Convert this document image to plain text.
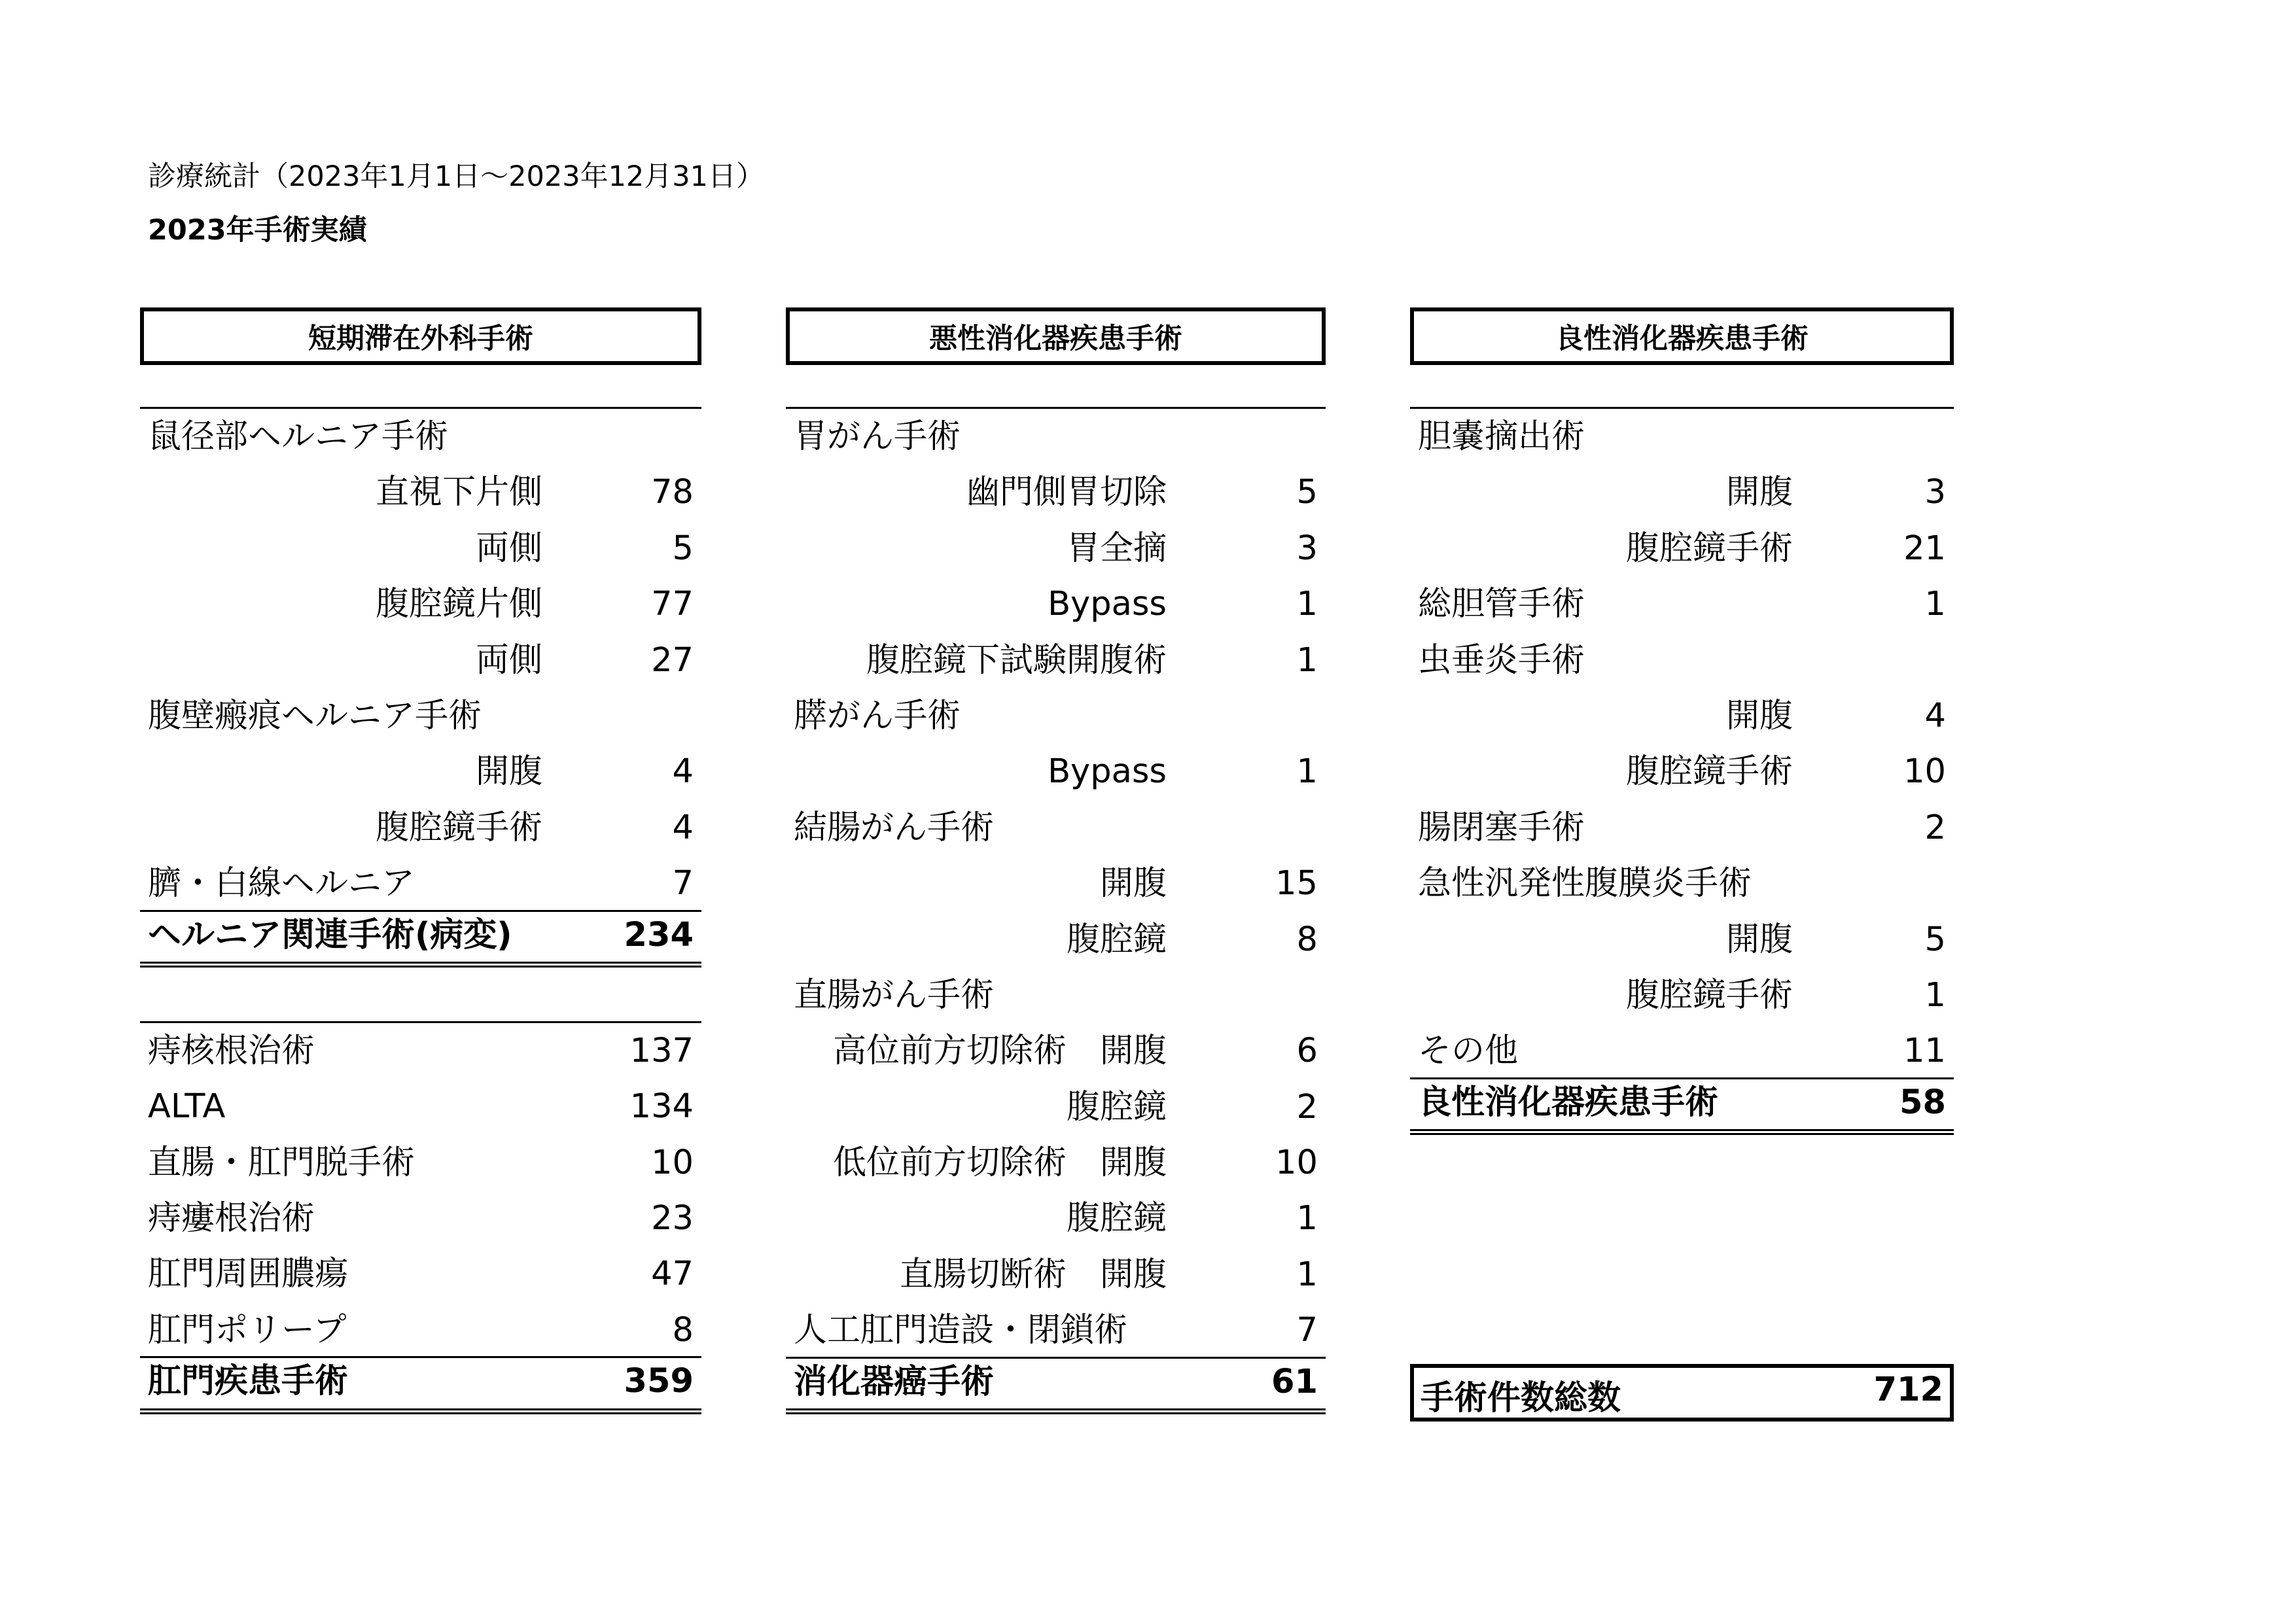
診療統計（2023年1月1日～2023年12月31日）
2023年手術実績
短期滞在外科手術
鼠径部ヘルニア手術
直視下片側	78
両側	5
腹腔鏡片側	77
両側	27
腹壁瘢痕ヘルニア手術
開腹	4
腹腔鏡手術	4
臍・白線ヘルニア	7
ヘルニア関連手術(病変)	234
痔核根治術	137
ALTA	134
直腸・肛門脱手術	10
痔瘻根治術	23
肛門周囲膿瘍	47
肛門ポリープ	8
肛門疾患手術	359
悪性消化器疾患手術
胃がん手術
幽門側胃切除	5
胃全摘	3
Bypass	1
腹腔鏡下試験開腹術	1
膵がん手術
Bypass	1
結腸がん手術
開腹	15
腹腔鏡	8
直腸がん手術
高位前方切除術　開腹	6
腹腔鏡	2
低位前方切除術　開腹	10
腹腔鏡	1
直腸切断術　開腹	1
人工肛門造設・閉鎖術	7
消化器癌手術	61
良性消化器疾患手術
胆嚢摘出術
開腹	3
腹腔鏡手術	21
総胆管手術	1
虫垂炎手術
開腹	4
腹腔鏡手術	10
腸閉塞手術	2
急性汎発性腹膜炎手術
開腹	5
腹腔鏡手術	1
その他	11
良性消化器疾患手術	58
手術件数総数	712
